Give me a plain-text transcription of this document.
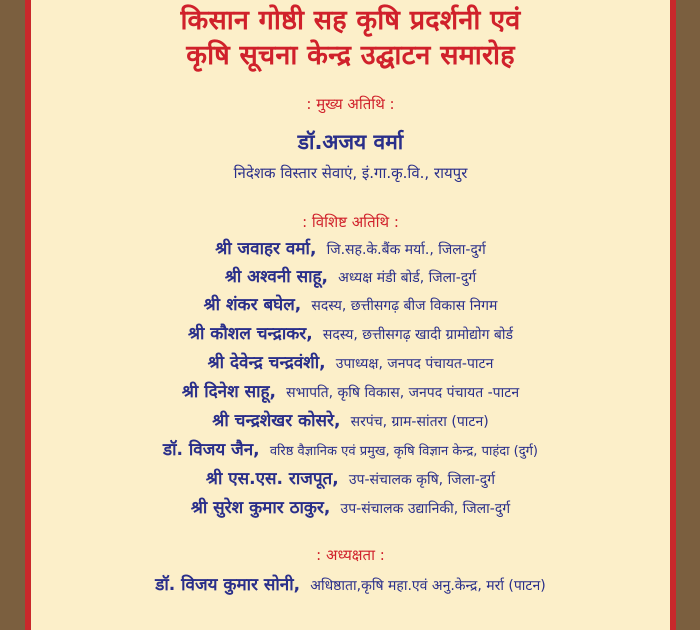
किसान गोष्ठी सह कृषि प्रदर्शनी एवं
कृषि सूचना केन्द्र उद्घाटन समारोह
: मुख्य अतिथि :
डॉ.अजय वर्मा
निदेशक विस्तार सेवाएं, इं.गा.कृ.वि., रायपुर
: विशिष्ट अतिथि :
श्री जवाहर वर्मा, जि.सह.के.बैंक मर्या., जिला-दुर्ग
श्री अश्वनी साहू, अध्यक्ष मंडी बोर्ड, जिला-दुर्ग
श्री शंकर बघेल, सदस्य, छत्तीसगढ़ बीज विकास निगम
श्री कौशल चन्द्राकर, सदस्य, छत्तीसगढ़ खादी ग्रामोद्योग बोर्ड
श्री देवेन्द्र चन्द्रवंशी, उपाध्यक्ष, जनपद पंचायत-पाटन
श्री दिनेश साहू, सभापति, कृषि विकास, जनपद पंचायत -पाटन
श्री चन्द्रशेखर कोसरे, सरपंच, ग्राम-सांतरा (पाटन)
डॉ. विजय जैन, वरिष्ठ वैज्ञानिक एवं प्रमुख, कृषि विज्ञान केन्द्र, पाहंदा (दुर्ग)
श्री एस.एस. राजपूत, उप-संचालक कृषि, जिला-दुर्ग
श्री सुरेश कुमार ठाकुर, उप-संचालक उद्यानिकी, जिला-दुर्ग
: अध्यक्षता :
डॉ. विजय कुमार सोनी, अधिष्ठाता,कृषि महा.एवं अनु.केन्द्र, मर्रा (पाटन)
